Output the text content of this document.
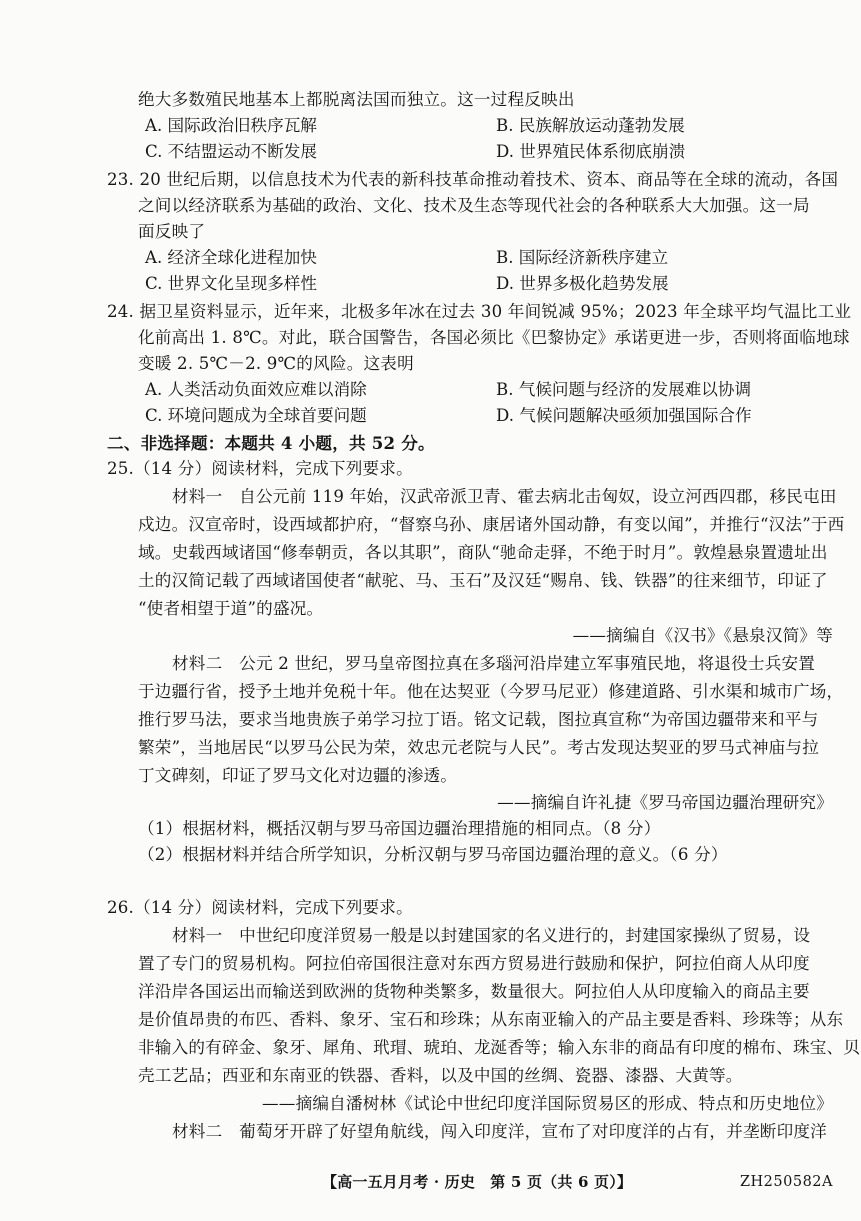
绝大多数殖民地基本上都脱离法国而独立。这一过程反映出
A. 国际政治旧秩序瓦解	B. 民族解放运动蓬勃发展
C. 不结盟运动不断发展	D. 世界殖民体系彻底崩溃
23. 20 世纪后期，以信息技术为代表的新科技革命推动着技术、资本、商品等在全球的流动，各国
之间以经济联系为基础的政治、文化、技术及生态等现代社会的各种联系大大加强。这一局
面反映了
A. 经济全球化进程加快	B. 国际经济新秩序建立
C. 世界文化呈现多样性	D. 世界多极化趋势发展
24. 据卫星资料显示，近年来，北极多年冰在过去 30 年间锐减 95%；2023 年全球平均气温比工业
化前高出 1. 8℃。对此，联合国警告，各国必须比《巴黎协定》承诺更进一步，否则将面临地球
变暖 2. 5℃－2. 9℃的风险。这表明
A. 人类活动负面效应难以消除	B. 气候问题与经济的发展难以协调
C. 环境问题成为全球首要问题	D. 气候问题解决亟须加强国际合作
二、非选择题：本题共 4 小题，共 52 分。
25.（14 分）阅读材料，完成下列要求。
材料一　自公元前 119 年始，汉武帝派卫青、霍去病北击匈奴，设立河西四郡，移民屯田
戍边。汉宣帝时，设西域都护府，“督察乌孙、康居诸外国动静，有变以闻”，并推行“汉法”于西
域。史载西域诸国“修奉朝贡，各以其职”，商队“驰命走驿，不绝于时月”。敦煌悬泉置遗址出
土的汉简记载了西域诸国使者“献驼、马、玉石”及汉廷“赐帛、钱、铁器”的往来细节，印证了
“使者相望于道”的盛况。
——摘编自《汉书》《悬泉汉简》等
材料二　公元 2 世纪，罗马皇帝图拉真在多瑙河沿岸建立军事殖民地，将退役士兵安置
于边疆行省，授予土地并免税十年。他在达契亚（今罗马尼亚）修建道路、引水渠和城市广场，
推行罗马法，要求当地贵族子弟学习拉丁语。铭文记载，图拉真宣称“为帝国边疆带来和平与
繁荣”，当地居民“以罗马公民为荣，效忠元老院与人民”。考古发现达契亚的罗马式神庙与拉
丁文碑刻，印证了罗马文化对边疆的渗透。
——摘编自许礼捷《罗马帝国边疆治理研究》
（1）根据材料，概括汉朝与罗马帝国边疆治理措施的相同点。（8 分）
（2）根据材料并结合所学知识，分析汉朝与罗马帝国边疆治理的意义。（6 分）
26.（14 分）阅读材料，完成下列要求。
材料一　中世纪印度洋贸易一般是以封建国家的名义进行的，封建国家操纵了贸易，设
置了专门的贸易机构。阿拉伯帝国很注意对东西方贸易进行鼓励和保护，阿拉伯商人从印度
洋沿岸各国运出而输送到欧洲的货物种类繁多，数量很大。阿拉伯人从印度输入的商品主要
是价值昂贵的布匹、香料、象牙、宝石和珍珠；从东南亚输入的产品主要是香料、珍珠等；从东
非输入的有碎金、象牙、犀角、玳瑁、琥珀、龙涎香等；输入东非的商品有印度的棉布、珠宝、贝
壳工艺品；西亚和东南亚的铁器、香料，以及中国的丝绸、瓷器、漆器、大黄等。
——摘编自潘树林《试论中世纪印度洋国际贸易区的形成、特点和历史地位》
材料二　葡萄牙开辟了好望角航线，闯入印度洋，宣布了对印度洋的占有，并垄断印度洋
【高一五月月考 · 历史　第 5 页（共 6 页）】	ZH250582A
